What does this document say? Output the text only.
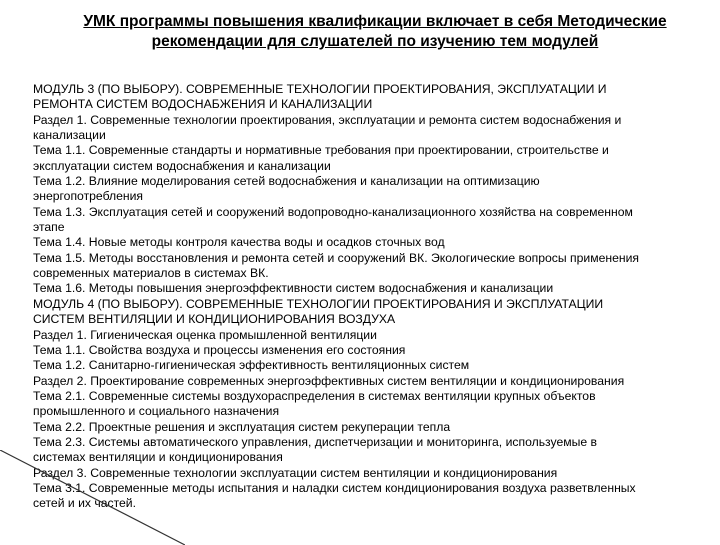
УМК программы повышения квалификации включает в себя Методические
рекомендации для слушателей по изучению тем модулей
МОДУЛЬ 3 (ПО ВЫБОРУ). СОВРЕМЕННЫЕ ТЕХНОЛОГИИ ПРОЕКТИРОВАНИЯ, ЭКСПЛУАТАЦИИ И
РЕМОНТА СИСТЕМ ВОДОСНАБЖЕНИЯ И КАНАЛИЗАЦИИ
Раздел 1. Современные технологии проектирования, эксплуатации и ремонта систем водоснабжения и
канализации
Тема 1.1. Современные стандарты и нормативные требования при проектировании, строительстве и
эксплуатации систем водоснабжения и канализации
Тема 1.2. Влияние моделирования сетей водоснабжения и канализации на оптимизацию
энергопотребления
Тема 1.3. Эксплуатация сетей и сооружений водопроводно-канализационного хозяйства на современном
этапе
Тема 1.4. Новые методы контроля качества воды и осадков сточных вод
Тема 1.5. Методы восстановления и ремонта сетей и сооружений ВК. Экологические вопросы применения
современных материалов в системах ВК.
Тема 1.6. Методы повышения энергоэффективности систем водоснабжения и канализации
МОДУЛЬ 4 (ПО ВЫБОРУ). СОВРЕМЕННЫЕ ТЕХНОЛОГИИ ПРОЕКТИРОВАНИЯ И ЭКСПЛУАТАЦИИ
СИСТЕМ ВЕНТИЛЯЦИИ И КОНДИЦИОНИРОВАНИЯ ВОЗДУХА
Раздел 1. Гигиеническая оценка промышленной вентиляции
Тема 1.1. Свойства воздуха и процессы изменения его состояния
Тема 1.2. Санитарно-гигиеническая эффективность вентиляционных систем
Раздел 2. Проектирование современных энергоэффективных систем вентиляции и кондиционирования
Тема 2.1. Современные системы воздухораспределения в системах вентиляции крупных объектов
промышленного и социального назначения
Тема 2.2. Проектные решения и эксплуатация систем рекуперации тепла
Тема 2.3. Системы автоматического управления, диспетчеризации и мониторинга, используемые в
системах вентиляции и кондиционирования
Раздел 3. Современные технологии эксплуатации систем вентиляции и кондиционирования
Тема 3.1. Современные методы испытания и наладки систем кондиционирования воздуха разветвленных
сетей и их частей.
